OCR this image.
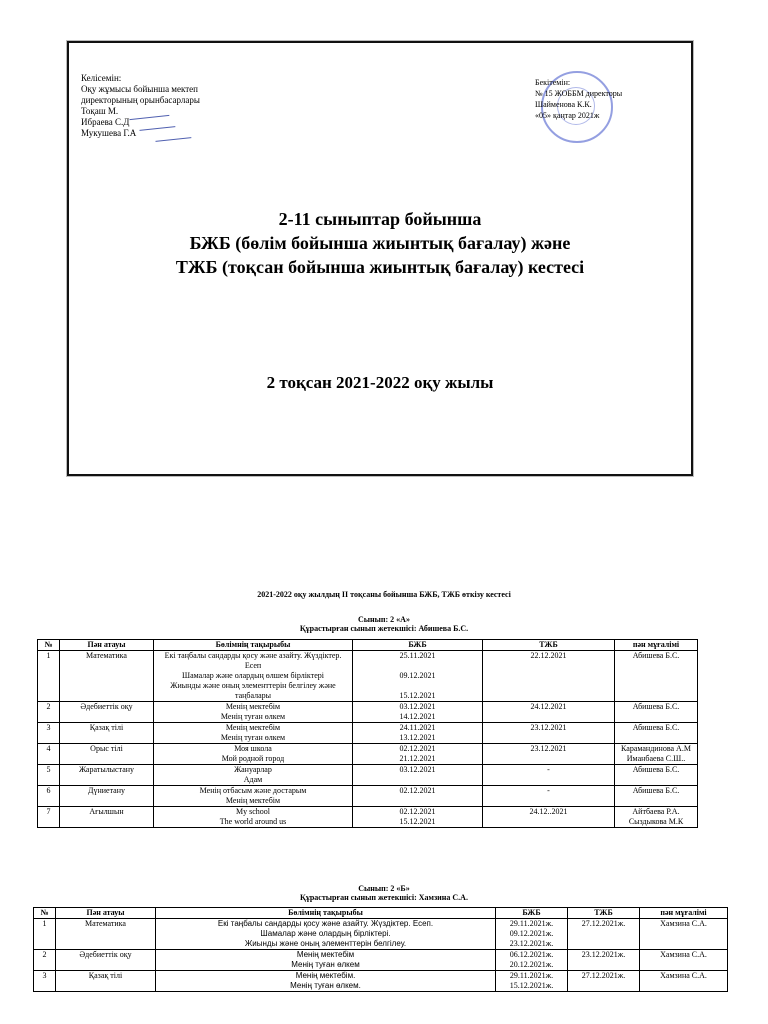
Келісемін:
Оқу жұмысы бойынша мектеп
директорының орынбасарлары
Тоқаш М.
Ибраева С.Д
Мукушева Г.А
Бекітемін:
№ 15 ЖОББМ директоры
Шайменова К.К.
«05» қаңтар 2021ж
2-11 сыныптар бойынша
БЖБ (бөлім бойынша жиынтық бағалау) және
ТЖБ (тоқсан бойынша жиынтық бағалау) кестесі
2 тоқсан 2021-2022 оқу жылы
2021-2022 оқу жылдың II тоқсаны бойынша БЖБ, ТЖБ өткізу кестесі
Сынып: 2 «А»
Құрастырған сынып жетекшісі: Абишева Б.С.
№	Пән атауы	Бөлімнің тақырыбы	БЖБ	ТЖБ	пән мұғалімі
1	Математика	Екі таңбалы сандарды қосу және азайту. Жүздіктер. Есеп
Шамалар және олардың өлшем бірліктері
Жиынды және оның элементтерін белгілеу және таңбалары	25.11.2021

09.12.2021

15.12.2021	22.12.2021	Абишева Б.С.
2	Әдебиеттік оқу	Менің мектебім
Менің туған өлкем	03.12.2021
14.12.2021	24.12.2021	Абишева Б.С.
3	Қазақ тілі	Менің мектебім
Менің туған өлкем	24.11.2021
13.12.2021	23.12.2021	Абишева Б.С.
4	Орыс тілі	Моя школа
Мой родной город	02.12.2021
21.12.2021	23.12.2021	Карамандинова А.М
Иманбаева С.Ш..
5	Жаратылыстану	Жануарлар
Адам	03.12.2021	-	Абишева Б.С.
6	Дүниетану	Менің отбасым және достарым
Менің мектебім	02.12.2021	-	Абишева Б.С.
7	Ағылшын	My school
The world around us	02.12.2021
15.12.2021	24.12..2021	Айтбаева Р.А.
Сыздыкова М.К
Сынып: 2 «Б»
Құрастырған сынып жетекшісі: Хамзина С.А.
№	Пән атауы	Бөлімнің тақырыбы	БЖБ	ТЖБ	пән мұғалімі
1	Математика	Екі таңбалы сандарды қосу және азайту. Жүздіктер. Есеп.
Шамалар және олардың бірліктері.
Жиынды және оның элементтерін белгілеу.	29.11.2021ж.
09.12.2021ж.
23.12.2021ж.	27.12.2021ж.	Хамзина С.А.
2	Әдебиеттік оқу	Менің мектебім
Менің туған өлкем	06.12.2021ж.
20.12.2021ж.	23.12.2021ж.	Хамзина С.А.
3	Қазақ тілі	Менің мектебім.
Менің туған өлкем.	29.11.2021ж.
15.12.2021ж.	27.12.2021ж.	Хамзина С.А.
